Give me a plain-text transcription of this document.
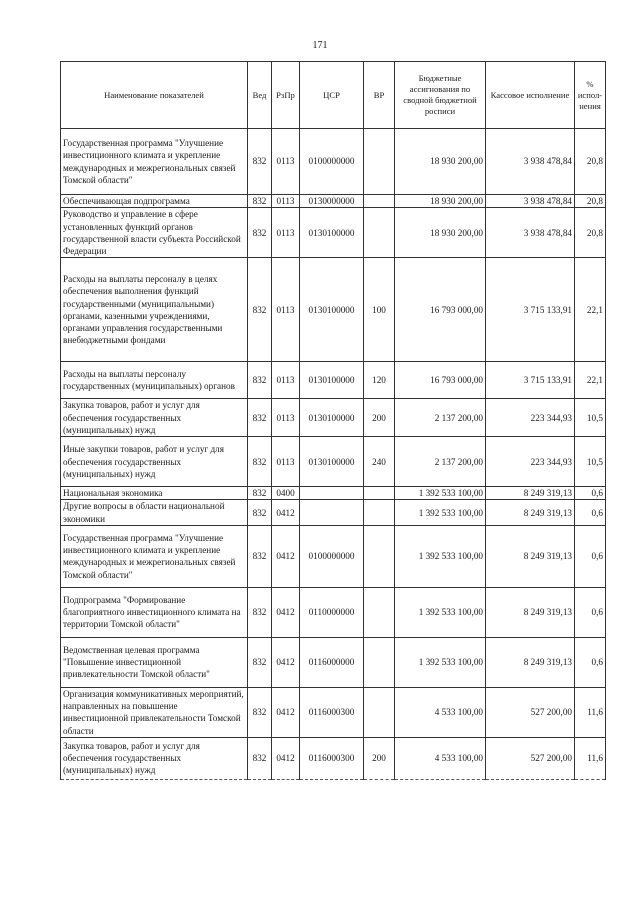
171
Наименование показателей	Вед	РзПр	ЦСР	ВР	Бюджетные ассигнования по сводной бюджетной росписи	Кассовое исполнение	% испол-нения
Государственная программа "Улучшение инвестиционного климата и укрепление международных и межрегиональных связей Томской области"	832	0113	0100000000		18 930 200,00	3 938 478,84	20,8
Обеспечивающая подпрограмма	832	0113	0130000000		18 930 200,00	3 938 478,84	20,8
Руководство и управление в сфере установленных функций органов государственной власти субъекта Российской Федерации	832	0113	0130100000		18 930 200,00	3 938 478,84	20,8
Расходы на выплаты персоналу в целях обеспечения выполнения функций государственными (муниципальными) органами, казенными учреждениями, органами управления государственными внебюджетными фондами	832	0113	0130100000	100	16 793 000,00	3 715 133,91	22,1
Расходы на выплаты персоналу государственных (муниципальных) органов	832	0113	0130100000	120	16 793 000,00	3 715 133,91	22,1
Закупка товаров, работ и услуг для обеспечения государственных (муниципальных) нужд	832	0113	0130100000	200	2 137 200,00	223 344,93	10,5
Иные закупки товаров, работ и услуг для обеспечения государственных (муниципальных) нужд	832	0113	0130100000	240	2 137 200,00	223 344,93	10,5
Национальная экономика	832	0400			1 392 533 100,00	8 249 319,13	0,6
Другие вопросы в области национальной экономики	832	0412			1 392 533 100,00	8 249 319,13	0,6
Государственная программа "Улучшение инвестиционного климата и укрепление международных и межрегиональных связей Томской области"	832	0412	0100000000		1 392 533 100,00	8 249 319,13	0,6
Подпрограмма "Формирование благоприятного инвестиционного климата на территории Томской области"	832	0412	0110000000		1 392 533 100,00	8 249 319,13	0,6
Ведомственная целевая программа "Повышение инвестиционной привлекательности Томской области"	832	0412	0116000000		1 392 533 100,00	8 249 319,13	0,6
Организация коммуникативных мероприятий, направленных на повышение инвестиционной привлекательности Томской области	832	0412	0116000300		4 533 100,00	527 200,00	11,6
Закупка товаров, работ и услуг для обеспечения государственных (муниципальных) нужд	832	0412	0116000300	200	4 533 100,00	527 200,00	11,6
